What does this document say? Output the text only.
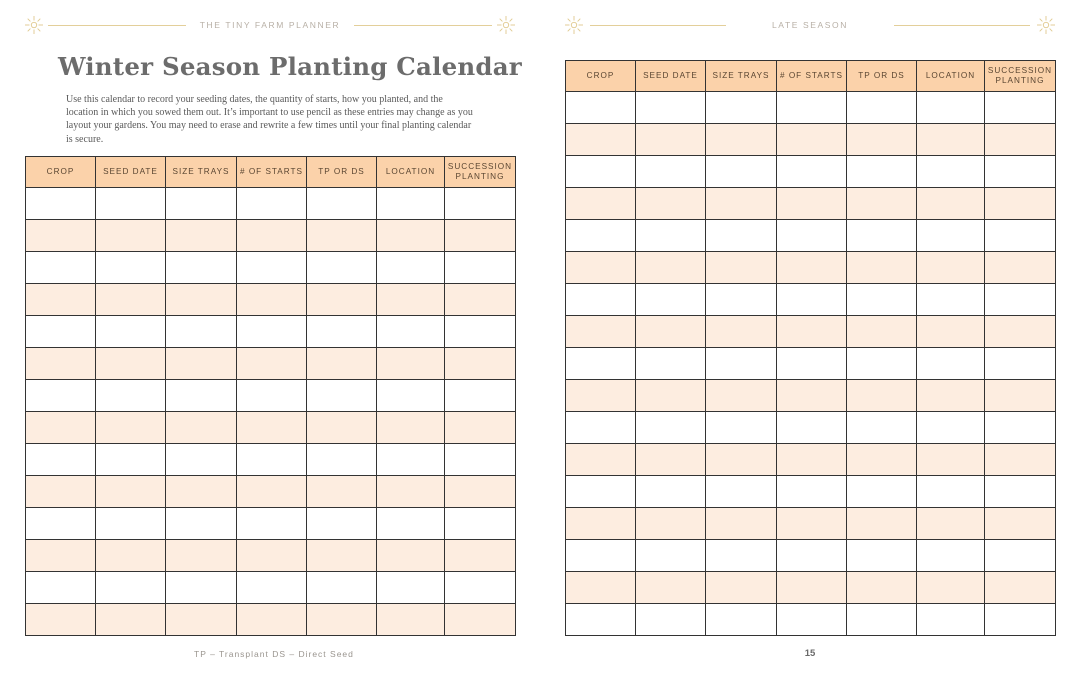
THE TINY FARM PLANNER
Winter Season Planting Calendar
Use this calendar to record your seeding dates, the quantity of starts, how you planted, and the location in which you sowed them out. It’s important to use pencil as these entries may change as you layout your gardens. You may need to erase and rewrite a few times until your final planting calendar is secure.
CROP	SEED DATE	SIZE TRAYS	# OF STARTS	TP OR DS	LOCATION	SUCCESSION PLANTING

TP – Transplant DS – Direct Seed
LATE SEASON
CROP	SEED DATE	SIZE TRAYS	# OF STARTS	TP OR DS	LOCATION	SUCCESSION PLANTING

15
